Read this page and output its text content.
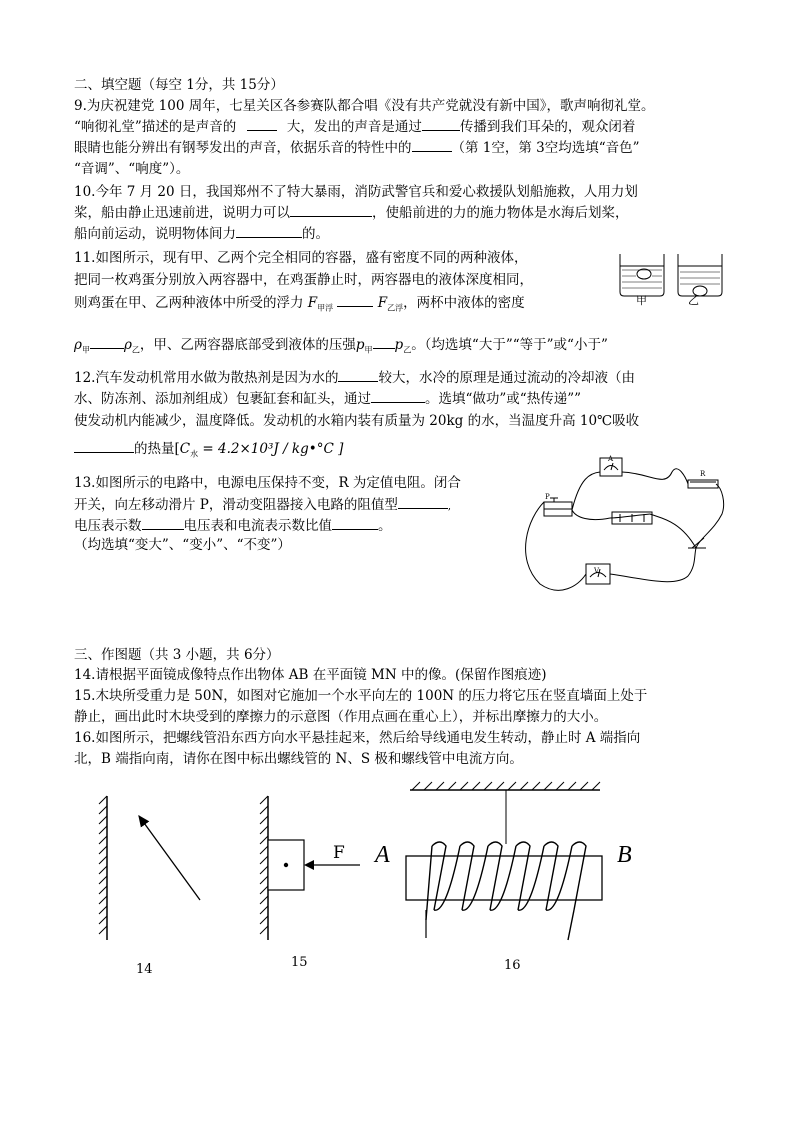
二、填空题（每空 1分，共 15分）
9.为庆祝建党 100 周年，七星关区各参赛队都合唱《没有共产党就没有新中国》，歌声响彻礼堂。
“响彻礼堂”描述的是声音的	大，发出的声音是通过	传播到我们耳朵的，观众闭着
眼睛也能分辨出有钢琴发出的声音，依据乐音的特性中的	（第 1空，第 3空均选填“音色”
“音调”、“响度”）。
10.今年 7 月 20 日，我国郑州不了特大暴雨，消防武警官兵和爱心救援队划船施救，人用力划
桨，船由静止迅速前进，说明力可以	，使船前进的力的施力物体是水海后划桨，
船向前运动，说明物体间力	的。
11.如图所示，现有甲、乙两个完全相同的容器，盛有密度不同的两种液体，
把同一枚鸡蛋分别放入两容器中，在鸡蛋静止时，两容器电的液体深度相同，
则鸡蛋在甲、乙两种液体中所受的浮力 $F_{甲浮}$	$F_{乙浮}$，两杯中液体的密度
$\rho_甲$	$\rho_乙$，甲、乙两容器底部受到液体的压强$p_甲$ $p_乙$。（均选填“大于”“等于”或“小于”
甲	乙
12.汽车发动机常用水做为散热剂是因为水的	较大，水冷的原理是通过流动的冷却液（由
水、防冻剂、添加剂组成）包裹缸套和缸头，通过	。选填“做功”或“热传递””
使发动机内能减少，温度降低。发动机的水箱内装有质量为 20kg 的水，当温度升高 10℃吸收
的热量[$C_水 = 4.2\times 10^3J$ / kg•°C ]
13.如图所示的电路中，电源电压保持不变，R 为定值电阻。闭合
开关，向左移动滑片 P，滑动变阻器接入电路的阻值型	,
电压表示数	电压表和电流表示数比值	。
（均选填“变大”、“变小”、“不变”）
A
R
P
V
三、作图题（共 3 小题，共 6分）
14.请根据平面镜成像特点作出物体 AB 在平面镜 MN 中的像。(保留作图痕迹)
15.木块所受重力是 50N，如图对它施加一个水平向左的 100N 的压力将它压在竖直墙面上处于
静止，画出此时木块受到的摩擦力的示意图（作用点画在重心上），并标出摩擦力的大小。
16.如图所示，把螺线管沿东西方向水平悬挂起来，然后给导线通电发生转动，静止时 A 端指向
北，B 端指向南，请你在图中标出螺线管的 N、S 极和螺线管中电流方向。
14
F
15
A	B
16
